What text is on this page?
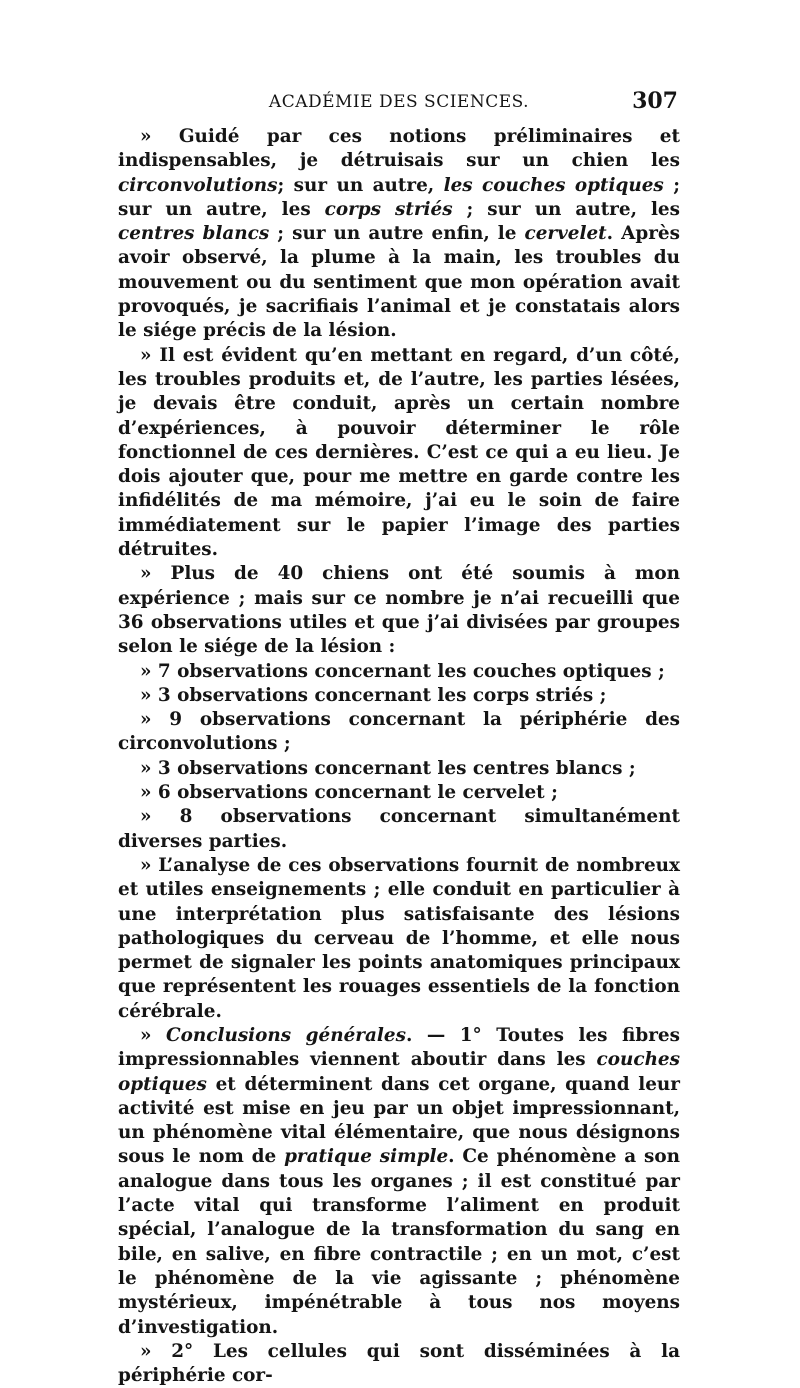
ACADÉMIE DES SCIENCES.	307

» Guidé par ces notions préliminaires et indispensables, je détruisais sur un chien les circonvolutions; sur un autre, les couches optiques ; sur un autre, les corps striés ; sur un autre, les centres blancs ; sur un autre enfin, le cervelet. Après avoir observé, la plume à la main, les troubles du mouvement ou du sentiment que mon opération avait provoqués, je sacrifiais l’animal et je constatais alors le siége précis de la lésion.

» Il est évident qu’en mettant en regard, d’un côté, les troubles produits et, de l’autre, les parties lésées, je devais être conduit, après un certain nombre d’expériences, à pouvoir déterminer le rôle fonctionnel de ces dernières. C’est ce qui a eu lieu. Je dois ajouter que, pour me mettre en garde contre les infidélités de ma mémoire, j’ai eu le soin de faire immédiatement sur le papier l’image des parties détruites.

» Plus de 40 chiens ont été soumis à mon expérience ; mais sur ce nombre je n’ai recueilli que 36 observations utiles et que j’ai divisées par groupes selon le siége de la lésion :

» 7 observations concernant les couches optiques ;

» 3 observations concernant les corps striés ;

» 9 observations concernant la périphérie des circonvolutions ;

» 3 observations concernant les centres blancs ;

» 6 observations concernant le cervelet ;

» 8 observations concernant simultanément diverses parties.

» L’analyse de ces observations fournit de nombreux et utiles enseignements ; elle conduit en particulier à une interprétation plus satisfaisante des lésions pathologiques du cerveau de l’homme, et elle nous permet de signaler les points anatomiques principaux que représentent les rouages essentiels de la fonction cérébrale.

» Conclusions générales. — 1° Toutes les fibres impressionnables viennent aboutir dans les couches optiques et déterminent dans cet organe, quand leur activité est mise en jeu par un objet impressionnant, un phénomène vital élémentaire, que nous désignons sous le nom de pratique simple. Ce phénomène a son analogue dans tous les organes ; il est constitué par l’acte vital qui transforme l’aliment en produit spécial, l’analogue de la transformation du sang en bile, en salive, en fibre contractile ; en un mot, c’est le phénomène de la vie agissante ; phénomène mystérieux, impénétrable à tous nos moyens d’investigation.

» 2° Les cellules qui sont disséminées à la périphérie cor-
